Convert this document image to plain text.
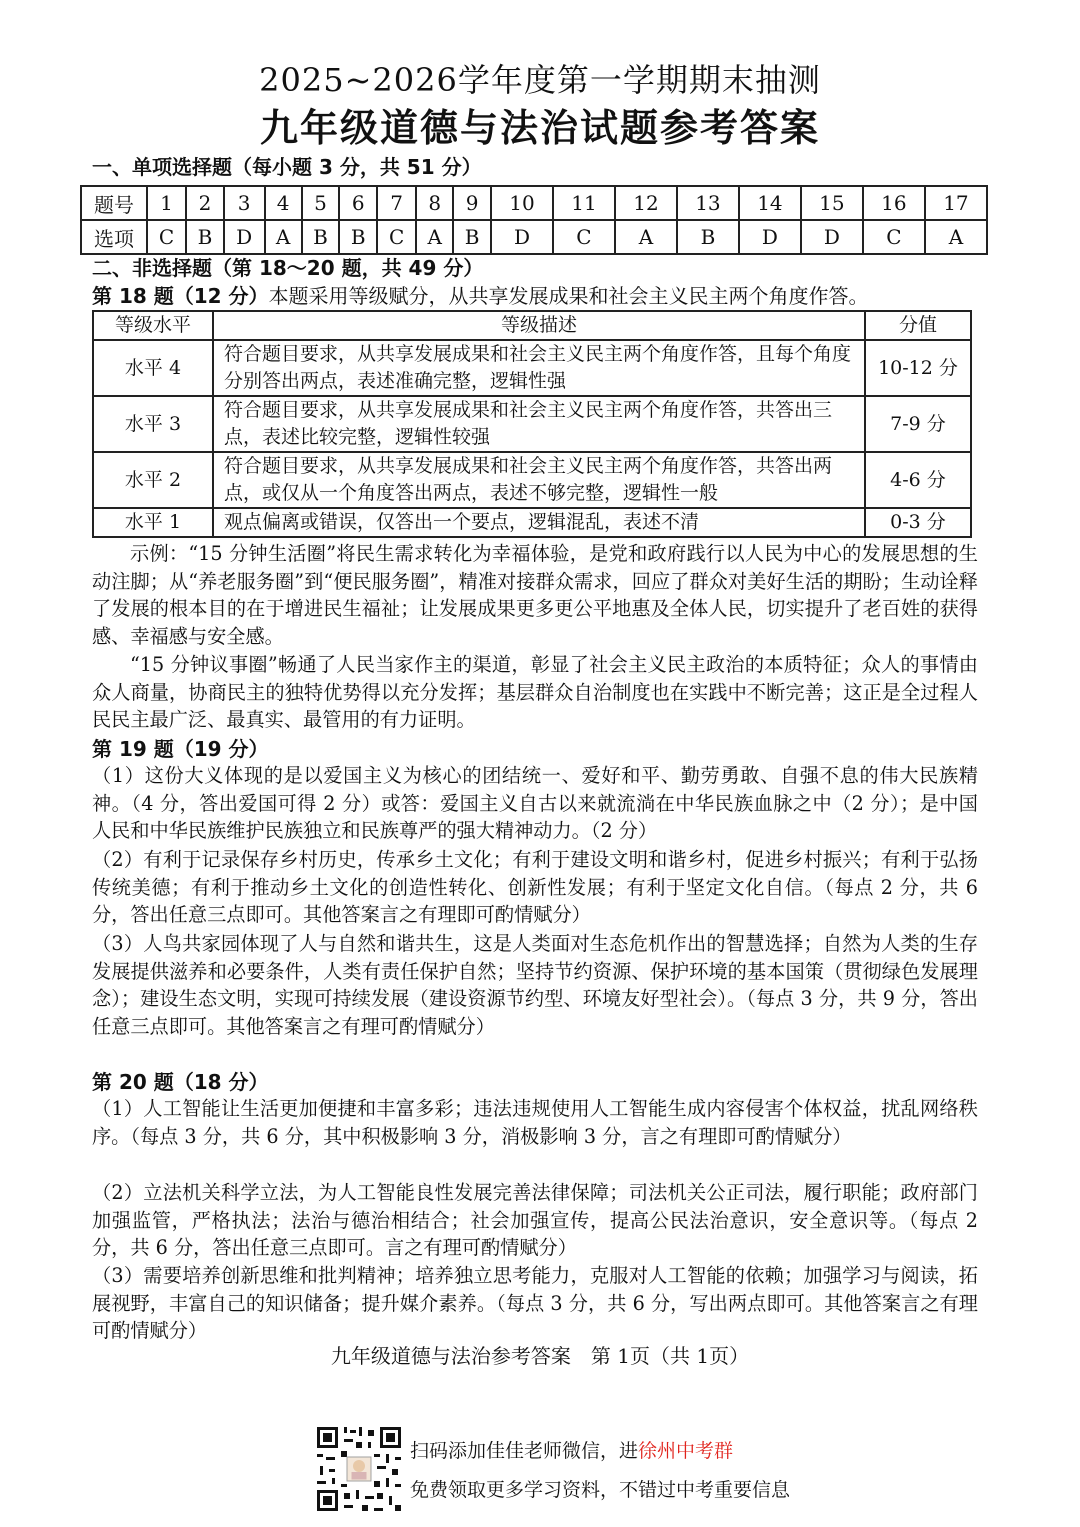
2025~2026学年度第一学期期末抽测
九年级道德与法治试题参考答案
一、单项选择题（每小题 3 分，共 51 分）
题号	1	2	3	4	5	6	7	8	9	10	11	12	13	14	15	16	17
选项	C	B	D	A	B	B	C	A	B	D	C	A	B	D	D	C	A
二、非选择题（第 18～20 题，共 49 分）
第 18 题（12 分）本题采用等级赋分，从共享发展成果和社会主义民主两个角度作答。
等级水平	等级描述	分值
水平 4	符合题目要求，从共享发展成果和社会主义民主两个角度作答，且每个角度分别答出两点，表述准确完整，逻辑性强	10-12 分
水平 3	符合题目要求，从共享发展成果和社会主义民主两个角度作答，共答出三点，表述比较完整，逻辑性较强	7-9 分
水平 2	符合题目要求，从共享发展成果和社会主义民主两个角度作答，共答出两点，或仅从一个角度答出两点，表述不够完整，逻辑性一般	4-6 分
水平 1	观点偏离或错误，仅答出一个要点，逻辑混乱，表述不清	0-3 分

示例：“15 分钟生活圈”将民生需求转化为幸福体验，是党和政府践行以人民为中心的发展思想的生动注脚；从“养老服务圈”到“便民服务圈”，精准对接群众需求，回应了群众对美好生活的期盼；生动诠释了发展的根本目的在于增进民生福祉；让发展成果更多更公平地惠及全体人民，切实提升了老百姓的获得感、幸福感与安全感。

“15 分钟议事圈”畅通了人民当家作主的渠道，彰显了社会主义民主政治的本质特征；众人的事情由众人商量，协商民主的独特优势得以充分发挥；基层群众自治制度也在实践中不断完善；这正是全过程人民民主最广泛、最真实、最管用的有力证明。

第 19 题（19 分）

（1）这份大义体现的是以爱国主义为核心的团结统一、爱好和平、勤劳勇敢、自强不息的伟大民族精神。（4 分，答出爱国可得 2 分）或答：爱国主义自古以来就流淌在中华民族血脉之中（2 分）；是中国人民和中华民族维护民族独立和民族尊严的强大精神动力。（2 分）

（2）有利于记录保存乡村历史，传承乡土文化；有利于建设文明和谐乡村，促进乡村振兴；有利于弘扬传统美德；有利于推动乡土文化的创造性转化、创新性发展；有利于坚定文化自信。（每点 2 分，共 6 分，答出任意三点即可。其他答案言之有理即可酌情赋分）

（3）人鸟共家园体现了人与自然和谐共生，这是人类面对生态危机作出的智慧选择；自然为人类的生存发展提供滋养和必要条件，人类有责任保护自然；坚持节约资源、保护环境的基本国策（贯彻绿色发展理念）；建设生态文明，实现可持续发展（建设资源节约型、环境友好型社会）。（每点 3 分，共 9 分，答出任意三点即可。其他答案言之有理可酌情赋分）

第 20 题（18 分）

（1）人工智能让生活更加便捷和丰富多彩；违法违规使用人工智能生成内容侵害个体权益，扰乱网络秩序。（每点 3 分，共 6 分，其中积极影响 3 分，消极影响 3 分，言之有理即可酌情赋分）

（2）立法机关科学立法，为人工智能良性发展完善法律保障；司法机关公正司法，履行职能；政府部门加强监管，严格执法；法治与德治相结合；社会加强宣传，提高公民法治意识，安全意识等。（每点 2 分，共 6 分，答出任意三点即可。言之有理可酌情赋分）

（3）需要培养创新思维和批判精神；培养独立思考能力，克服对人工智能的依赖；加强学习与阅读，拓展视野，丰富自己的知识储备；提升媒介素养。（每点 3 分，共 6 分，写出两点即可。其他答案言之有理可酌情赋分）

九年级道德与法治参考答案　第 1页（共 1页）
扫码添加佳佳老师微信，进徐州中考群
免费领取更多学习资料，不错过中考重要信息
